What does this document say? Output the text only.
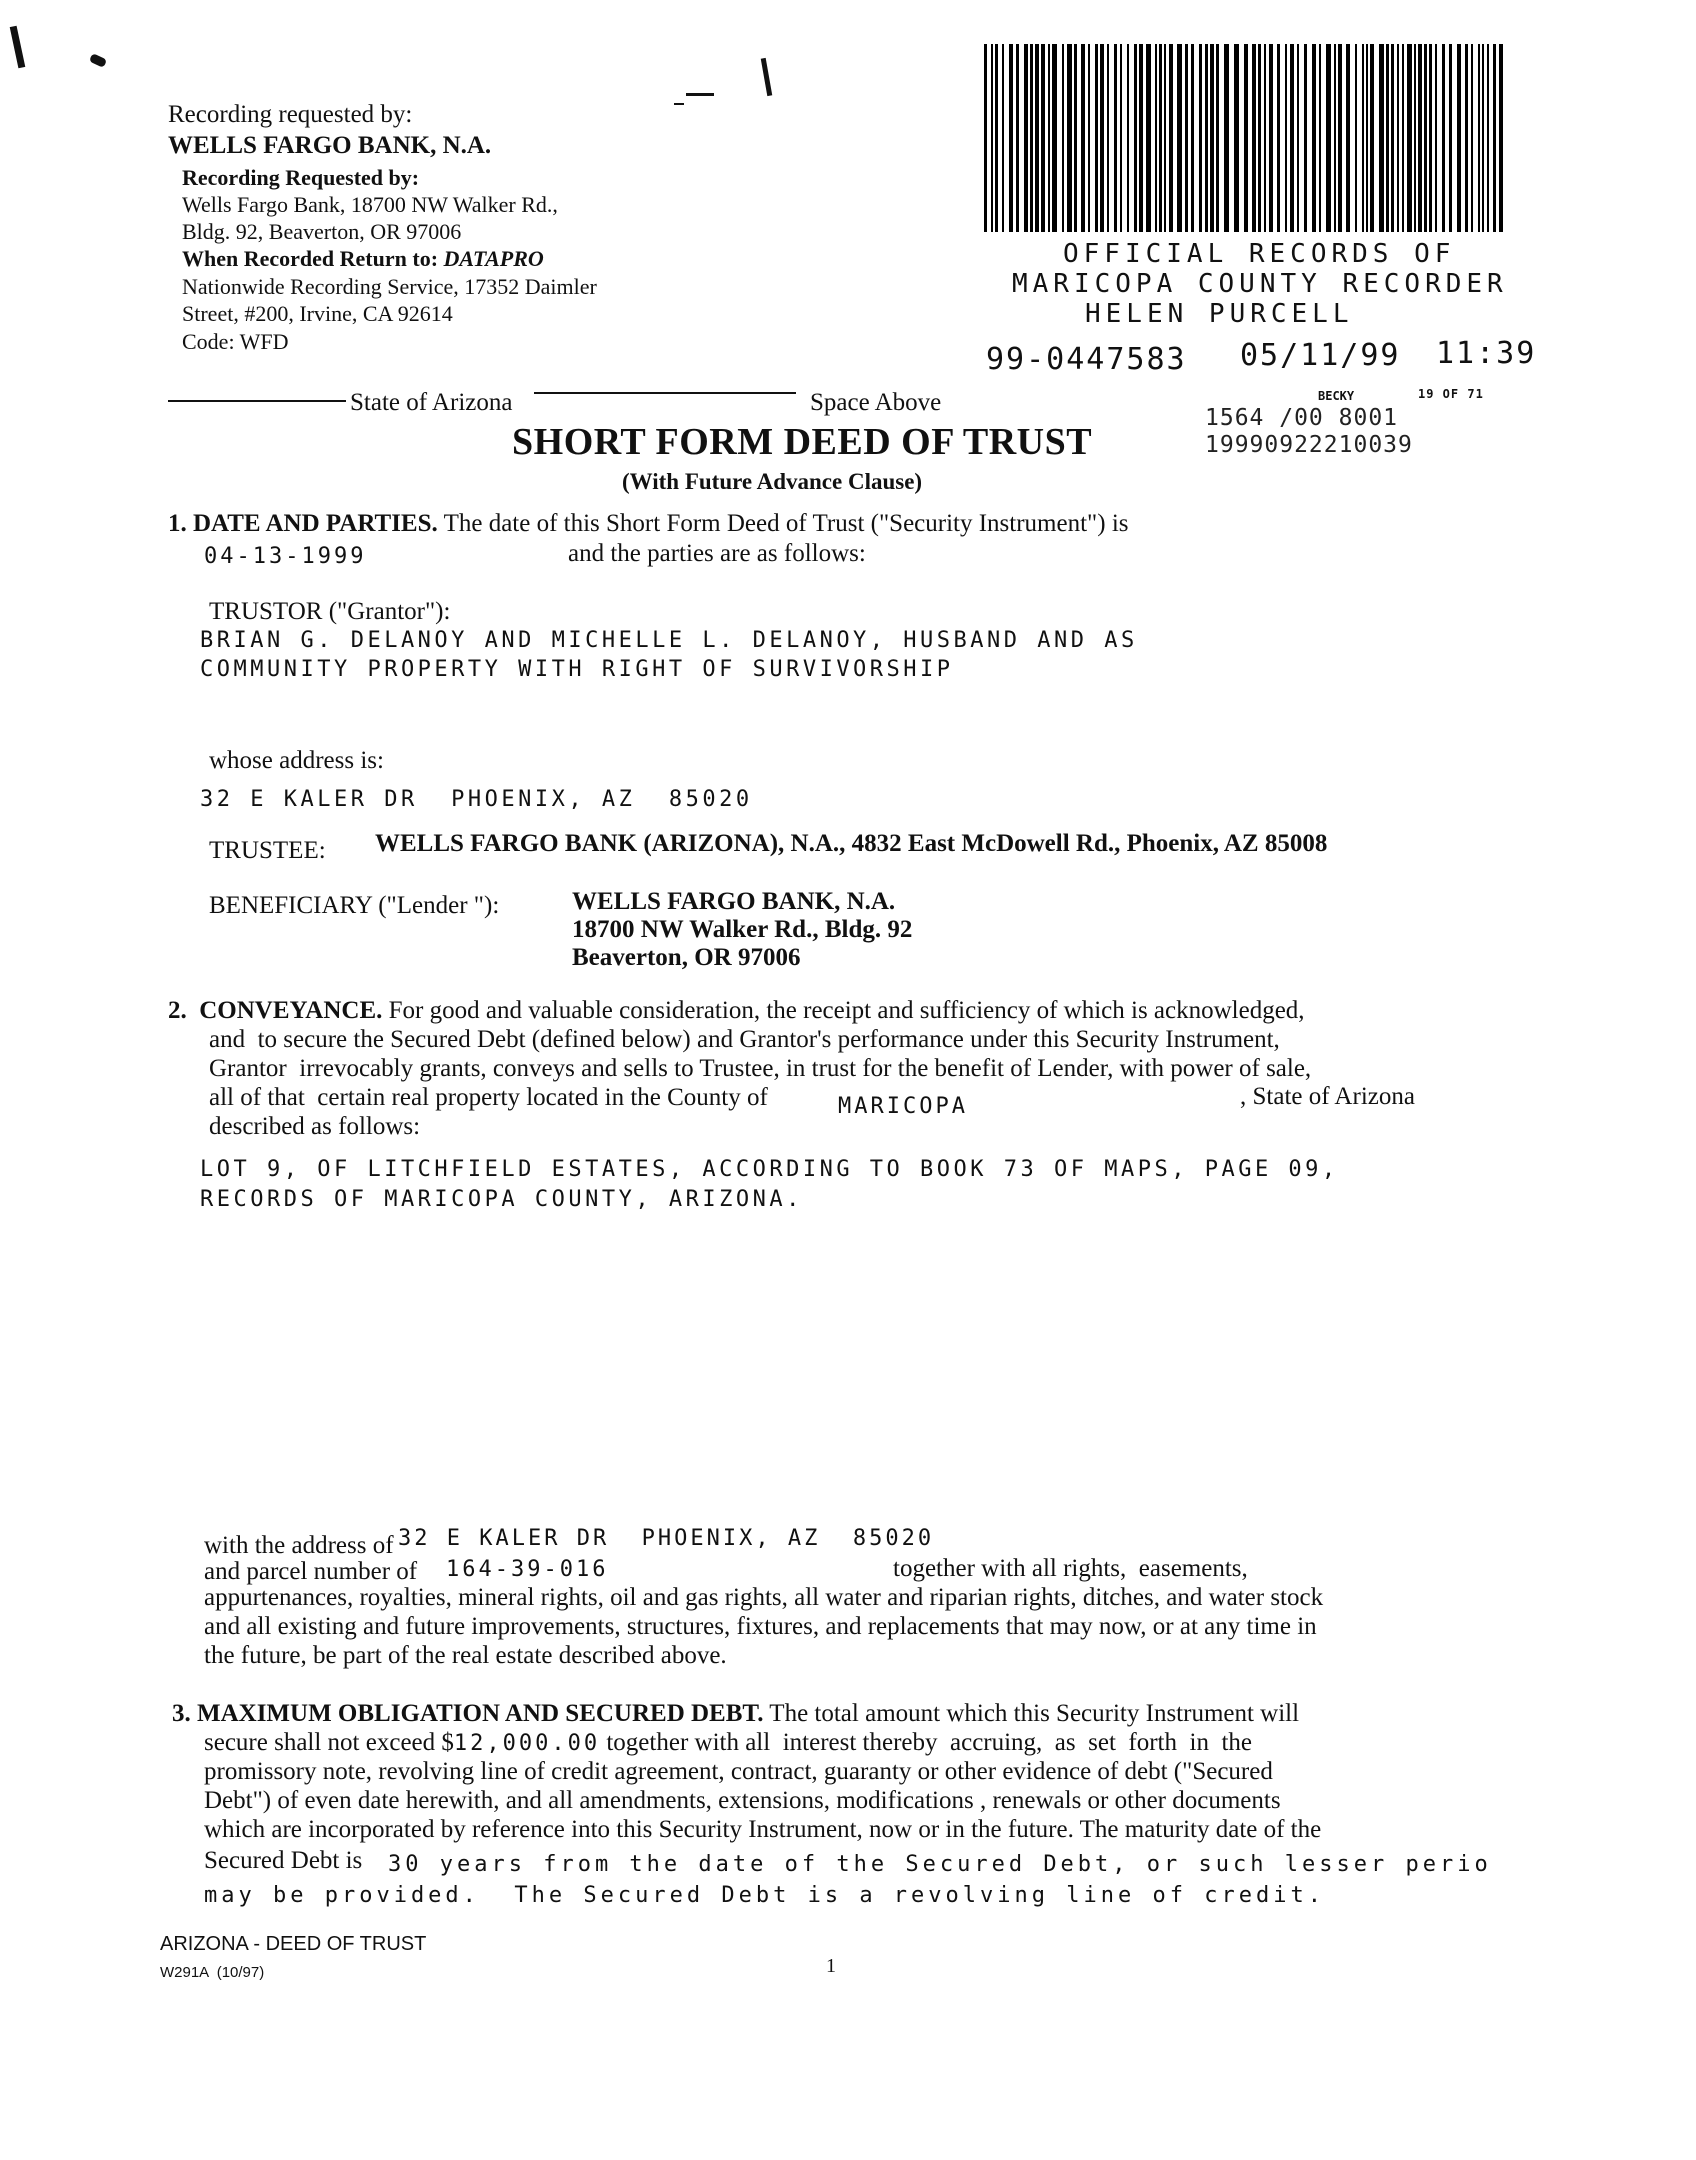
Recording requested by:
WELLS FARGO BANK, N.A.
Recording Requested by:
Wells Fargo Bank, 18700 NW Walker Rd.,
Bldg. 92, Beaverton, OR 97006
When Recorded Return to: DATAPRO
Nationwide Recording Service, 17352 Daimler
Street, #200, Irvine, CA 92614
Code: WFD
OFFICIAL RECORDS OF
MARICOPA COUNTY RECORDER
HELEN PURCELL
99-0447583 05/11/99 11:39
BECKY	19 OF 71
1564 /00 8001
19990922210039
State of Arizona	Space Above
SHORT FORM DEED OF TRUST
(With Future Advance Clause)
1. DATE AND PARTIES. The date of this Short Form Deed of Trust ("Security Instrument") is
04-13-1999	and the parties are as follows:
TRUSTOR ("Grantor"):
BRIAN G. DELANOY AND MICHELLE L. DELANOY, HUSBAND AND AS
COMMUNITY PROPERTY WITH RIGHT OF SURVIVORSHIP
whose address is:
32 E KALER DR  PHOENIX, AZ  85020
TRUSTEE: WELLS FARGO BANK (ARIZONA), N.A., 4832 East McDowell Rd., Phoenix, AZ 85008
BENEFICIARY ("Lender "):	WELLS FARGO BANK, N.A.
18700 NW Walker Rd., Bldg. 92
Beaverton, OR 97006
2. CONVEYANCE. For good and valuable consideration, the receipt and sufficiency of which is acknowledged,
and  to secure the Secured Debt (defined below) and Grantor's performance under this Security Instrument,
Grantor  irrevocably grants, conveys and sells to Trustee, in trust for the benefit of Lender, with power of sale,
all of that  certain real property located in the County of	MARICOPA	, State of Arizona
described as follows:
LOT 9, OF LITCHFIELD ESTATES, ACCORDING TO BOOK 73 OF MAPS, PAGE 09,
RECORDS OF MARICOPA COUNTY, ARIZONA.
with the address of 32 E KALER DR  PHOENIX, AZ  85020
and parcel number of 164-39-016	together with all rights,  easements,
appurtenances, royalties, mineral rights, oil and gas rights, all water and riparian rights, ditches, and water stock
and all existing and future improvements, structures, fixtures, and replacements that may now, or at any time in
the future, be part of the real estate described above.
3. MAXIMUM OBLIGATION AND SECURED DEBT. The total amount which this Security Instrument will
secure shall not exceed $12,000.00 together with all  interest thereby  accruing,  as  set  forth  in  the
promissory note, revolving line of credit agreement, contract, guaranty or other evidence of debt ("Secured
Debt") of even date herewith, and all amendments, extensions, modifications , renewals or other documents
which are incorporated by reference into this Security Instrument, now or in the future. The maturity date of the
Secured Debt is 30 years from the date of the Secured Debt, or such lesser perio
may be provided.  The Secured Debt is a revolving line of credit.
ARIZONA - DEED OF TRUST
W291A  (10/97)	1
